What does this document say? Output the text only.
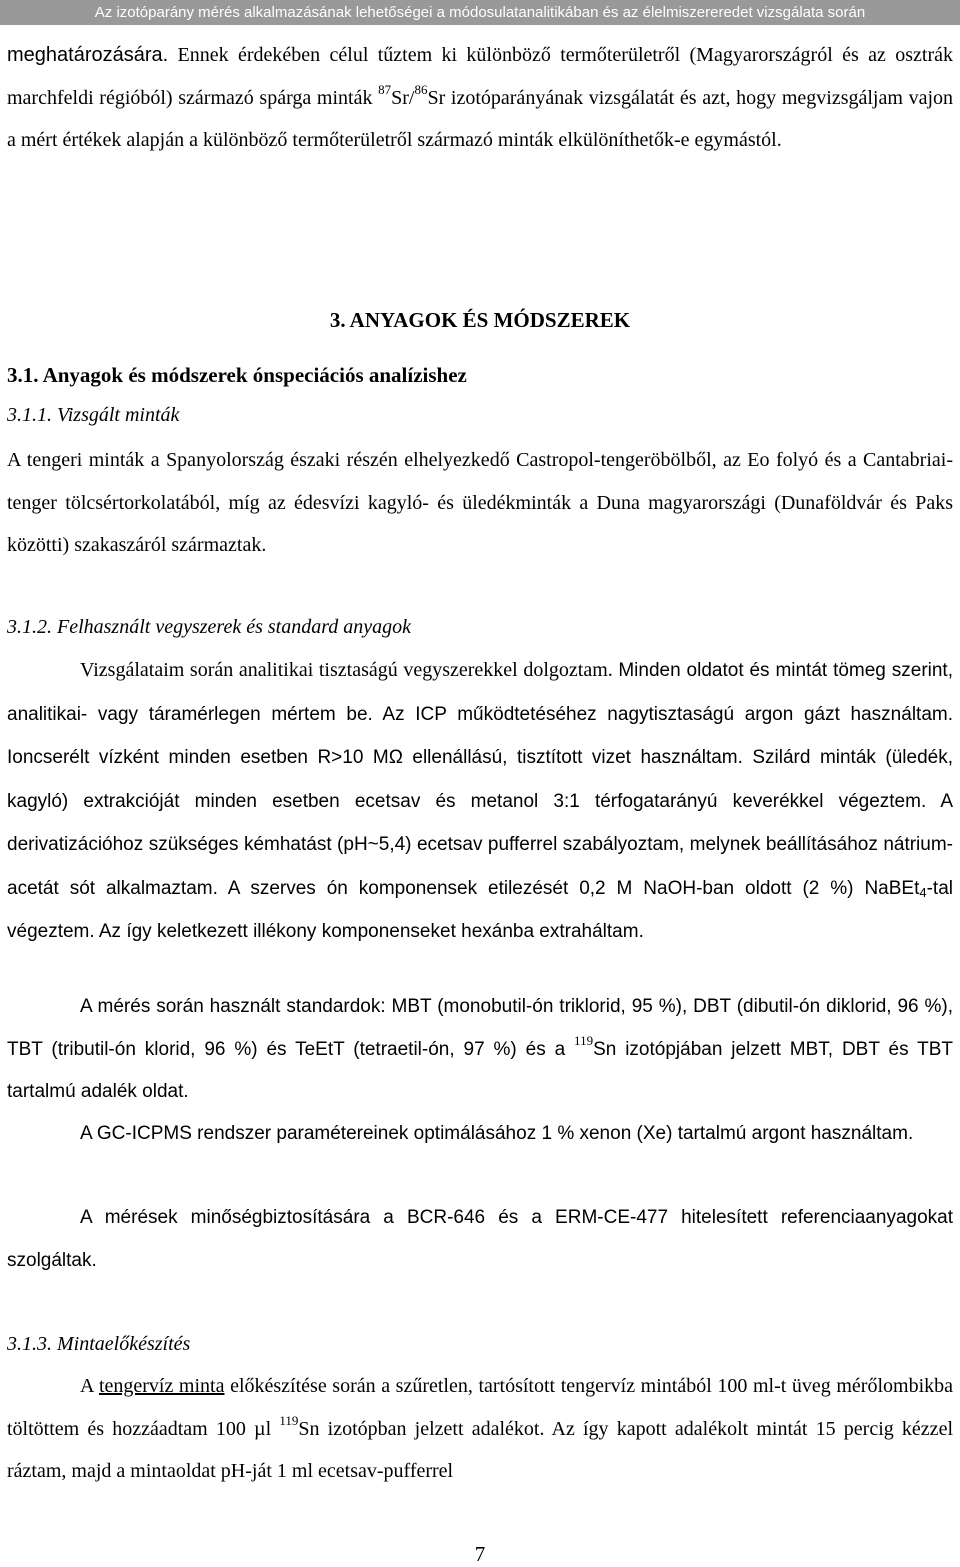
Az izotóparány mérés alkalmazásának lehetőségei a módosulatanalitikában és az élelmiszereredet vizsgálata során
meghatározására. Ennek érdekében célul tűztem ki különböző termőterületről (Magyarországról és az osztrák marchfeldi régióból) származó spárga minták $^{87}$Sr/$^{86}$Sr izotóparányának vizsgálatát és azt, hogy megvizsgáljam vajon a mért értékek alapján a különböző termőterületről származó minták elkülöníthetők-e egymástól.
3. ANYAGOK ÉS MÓDSZEREK
3.1. Anyagok és módszerek ónspeciációs analízishez
3.1.1. Vizsgált minták
A tengeri minták a Spanyolország északi részén elhelyezkedő Castropol-tengeröbölből, az Eo folyó és a Cantabriai-tenger tölcsértorkolatából, míg az édesvízi kagyló- és üledékminták a Duna magyarországi (Dunaföldvár és Paks közötti) szakaszáról származtak.
3.1.2. Felhasznált vegyszerek és standard anyagok
Vizsgálataim során analitikai tisztaságú vegyszerekkel dolgoztam. Minden oldatot és mintát tömeg szerint, analitikai- vagy táramérlegen mértem be. Az ICP működtetéséhez nagytisztaságú argon gázt használtam. Ioncserélt vízként minden esetben R>10 MΩ ellenállású, tisztított vizet használtam. Szilárd minták (üledék, kagyló) extrakcióját minden esetben ecetsav és metanol 3:1 térfogatarányú keverékkel végeztem. A derivatizációhoz szükséges kémhatást (pH~5,4) ecetsav pufferrel szabályoztam, melynek beállításához nátrium-acetát sót alkalmaztam. A szerves ón komponensek etilezését 0,2 M NaOH-ban oldott (2 %) NaBEt$_4$-tal végeztem. Az így keletkezett illékony komponenseket hexánba extraháltam.
A mérés során használt standardok: MBT (monobutil-ón triklorid, 95 %), DBT (dibutil-ón diklorid, 96 %), TBT (tributil-ón klorid, 96 %) és TeEtT (tetraetil-ón, 97 %) és a $^{119}$Sn izotópjában jelzett MBT, DBT és TBT tartalmú adalék oldat.
A GC-ICPMS rendszer paramétereinek optimálásához 1 % xenon (Xe) tartalmú argont használtam.
A mérések minőségbiztosítására a BCR-646 és a ERM-CE-477 hitelesített referenciaanyagokat szolgáltak.
3.1.3. Mintaelőkészítés
A tengervíz minta előkészítése során a szűretlen, tartósított tengervíz mintából 100 ml-t üveg mérőlombikba töltöttem és hozzáadtam 100 µl $^{119}$Sn izotópban jelzett adalékot. Az így kapott adalékolt mintát 15 percig kézzel ráztam, majd a mintaoldat pH-ját 1 ml ecetsav-pufferrel
7
